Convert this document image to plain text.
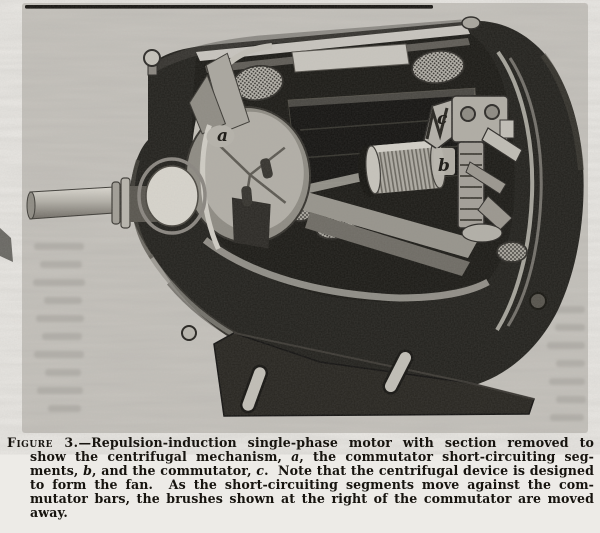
a
b
c
Figure 3.—Repulsion-induction single-phase motor with section removed to
show the centrifugal mechanism, a, the commutator short-circuiting seg-
ments, b, and the commutator, c.  Note that the centrifugal device is designed
to form the fan.  As the short-circuiting segments move against the com-
mutator bars, the brushes shown at the right of the commutator are moved
away.
